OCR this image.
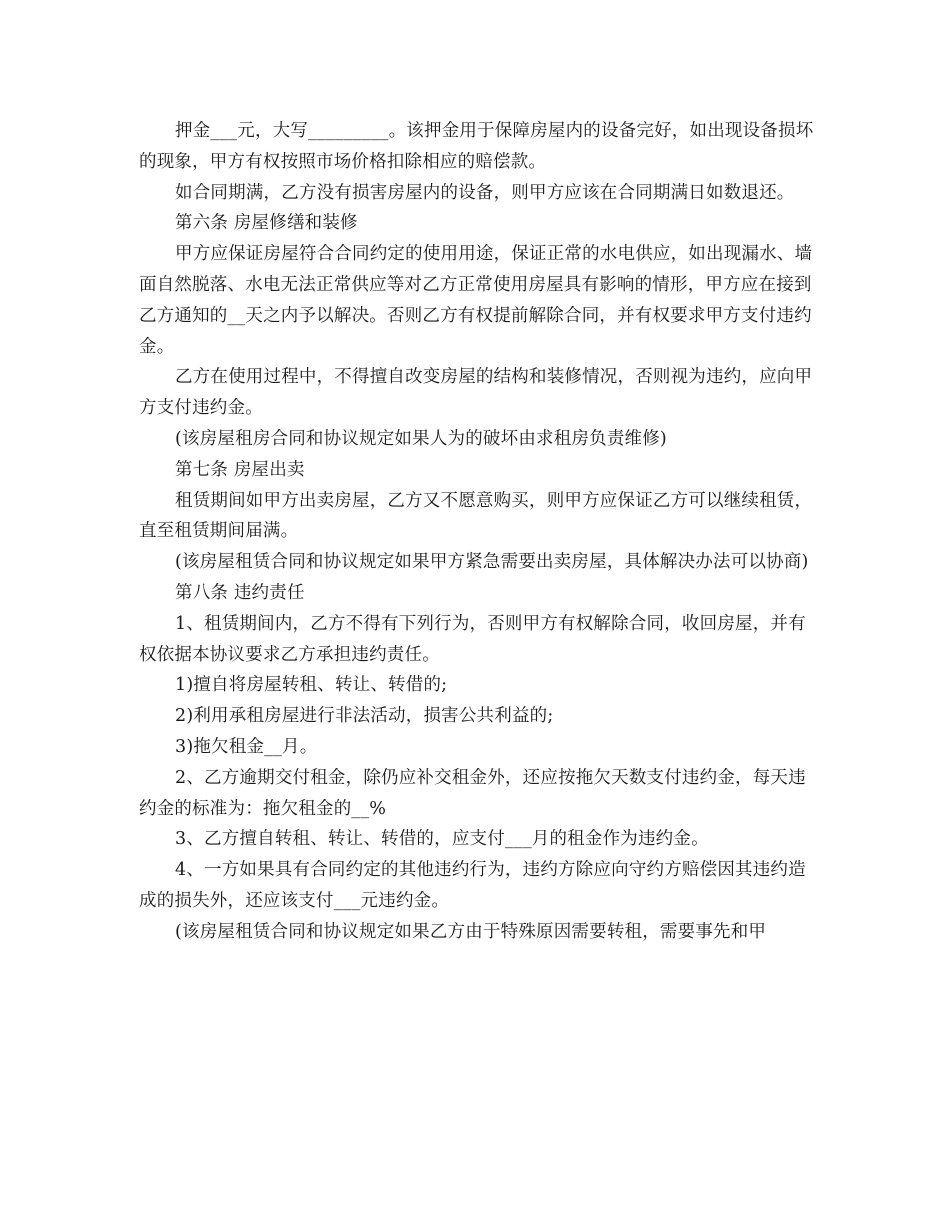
押金___元，大写_________。该押金用于保障房屋内的设备完好，如出现设备损坏的现象，甲方有权按照市场价格扣除相应的赔偿款。

如合同期满，乙方没有损害房屋内的设备，则甲方应该在合同期满日如数退还。

第六条 房屋修缮和装修

甲方应保证房屋符合合同约定的使用用途，保证正常的水电供应，如出现漏水、墙面自然脱落、水电无法正常供应等对乙方正常使用房屋具有影响的情形，甲方应在接到乙方通知的__天之内予以解决。否则乙方有权提前解除合同，并有权要求甲方支付违约金。

乙方在使用过程中，不得擅自改变房屋的结构和装修情况，否则视为违约，应向甲方支付违约金。

(该房屋租房合同和协议规定如果人为的破坏由求租房负责维修)

第七条 房屋出卖

租赁期间如甲方出卖房屋，乙方又不愿意购买，则甲方应保证乙方可以继续租赁，直至租赁期间届满。

(该房屋租赁合同和协议规定如果甲方紧急需要出卖房屋，具体解决办法可以协商)

第八条 违约责任

1、租赁期间内，乙方不得有下列行为，否则甲方有权解除合同，收回房屋，并有权依据本协议要求乙方承担违约责任。

1)擅自将房屋转租、转让、转借的;

2)利用承租房屋进行非法活动，损害公共利益的;

3)拖欠租金__月。

2、乙方逾期交付租金，除仍应补交租金外，还应按拖欠天数支付违约金，每天违约金的标准为：拖欠租金的__%

3、乙方擅自转租、转让、转借的，应支付___月的租金作为违约金。

4、一方如果具有合同约定的其他违约行为，违约方除应向守约方赔偿因其违约造成的损失外，还应该支付___元违约金。

(该房屋租赁合同和协议规定如果乙方由于特殊原因需要转租，需要事先和甲
